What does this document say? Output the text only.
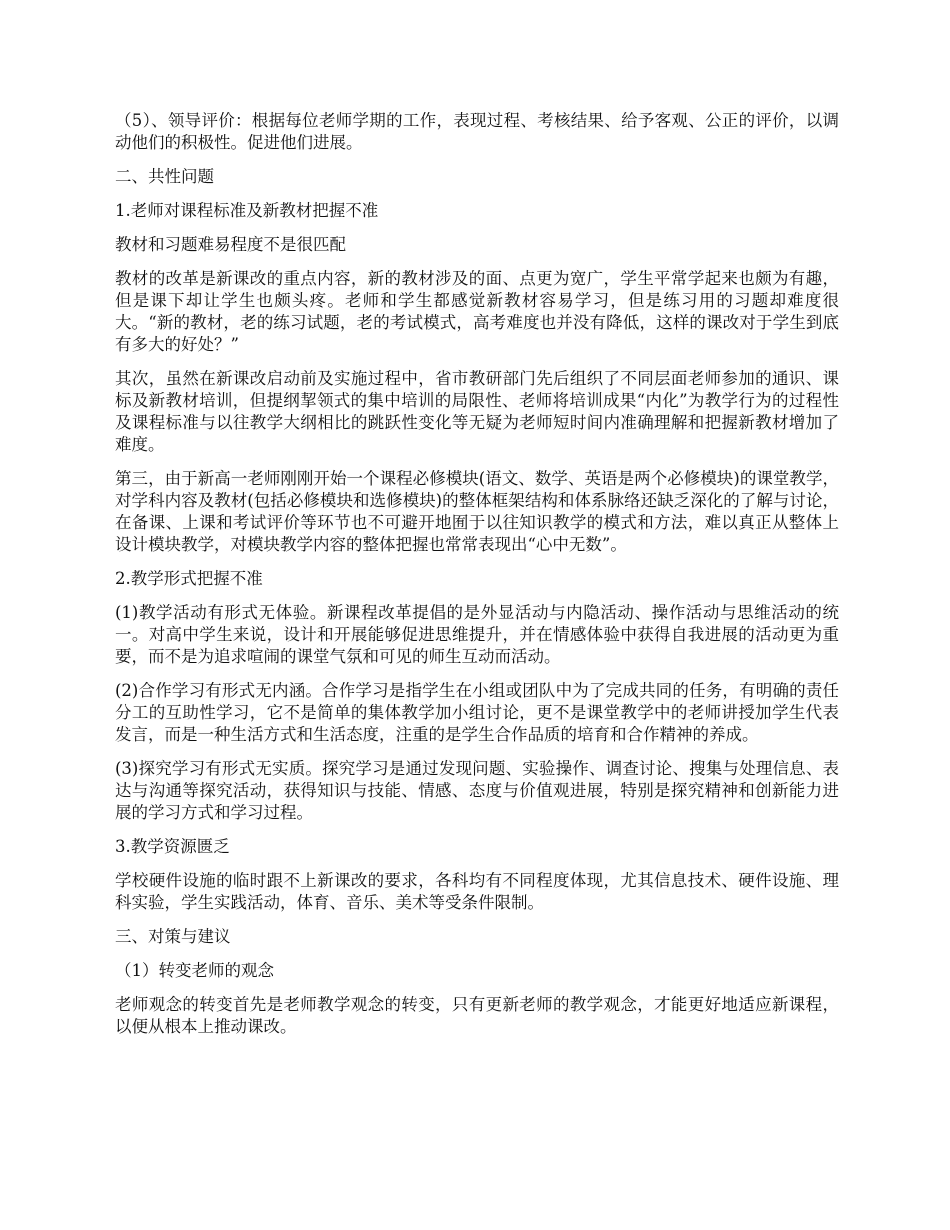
（5）、领导评价：根据每位老师学期的工作，表现过程、考核结果、给予客观、公正的评价，以调动他们的积极性。促进他们进展。

二、共性问题

1.老师对课程标准及新教材把握不准

教材和习题难易程度不是很匹配

教材的改革是新课改的重点内容，新的教材涉及的面、点更为宽广，学生平常学起来也颇为有趣，但是课下却让学生也颇头疼。老师和学生都感觉新教材容易学习，但是练习用的习题却难度很大。“新的教材，老的练习试题，老的考试模式，高考难度也并没有降低，这样的课改对于学生到底有多大的好处？”

其次，虽然在新课改启动前及实施过程中，省市教研部门先后组织了不同层面老师参加的通识、课标及新教材培训，但提纲挈领式的集中培训的局限性、老师将培训成果“内化”为教学行为的过程性及课程标准与以往教学大纲相比的跳跃性变化等无疑为老师短时间内准确理解和把握新教材增加了难度。

第三，由于新高一老师刚刚开始一个课程必修模块(语文、数学、英语是两个必修模块)的课堂教学，对学科内容及教材(包括必修模块和选修模块)的整体框架结构和体系脉络还缺乏深化的了解与讨论，在备课、上课和考试评价等环节也不可避开地囿于以往知识教学的模式和方法，难以真正从整体上设计模块教学，对模块教学内容的整体把握也常常表现出“心中无数”。

2.教学形式把握不准

(1)教学活动有形式无体验。新课程改革提倡的是外显活动与内隐活动、操作活动与思维活动的统一。对高中学生来说，设计和开展能够促进思维提升，并在情感体验中获得自我进展的活动更为重要，而不是为追求喧闹的课堂气氛和可见的师生互动而活动。

(2)合作学习有形式无内涵。合作学习是指学生在小组或团队中为了完成共同的任务，有明确的责任分工的互助性学习，它不是简单的集体教学加小组讨论，更不是课堂教学中的老师讲授加学生代表发言，而是一种生活方式和生活态度，注重的是学生合作品质的培育和合作精神的养成。

(3)探究学习有形式无实质。探究学习是通过发现问题、实验操作、调查讨论、搜集与处理信息、表达与沟通等探究活动，获得知识与技能、情感、态度与价值观进展，特别是探究精神和创新能力进展的学习方式和学习过程。

3.教学资源匮乏

学校硬件设施的临时跟不上新课改的要求，各科均有不同程度体现，尤其信息技术、硬件设施、理科实验，学生实践活动，体育、音乐、美术等受条件限制。

三、对策与建议

（1）转变老师的观念

老师观念的转变首先是老师教学观念的转变，只有更新老师的教学观念，才能更好地适应新课程，以便从根本上推动课改。
